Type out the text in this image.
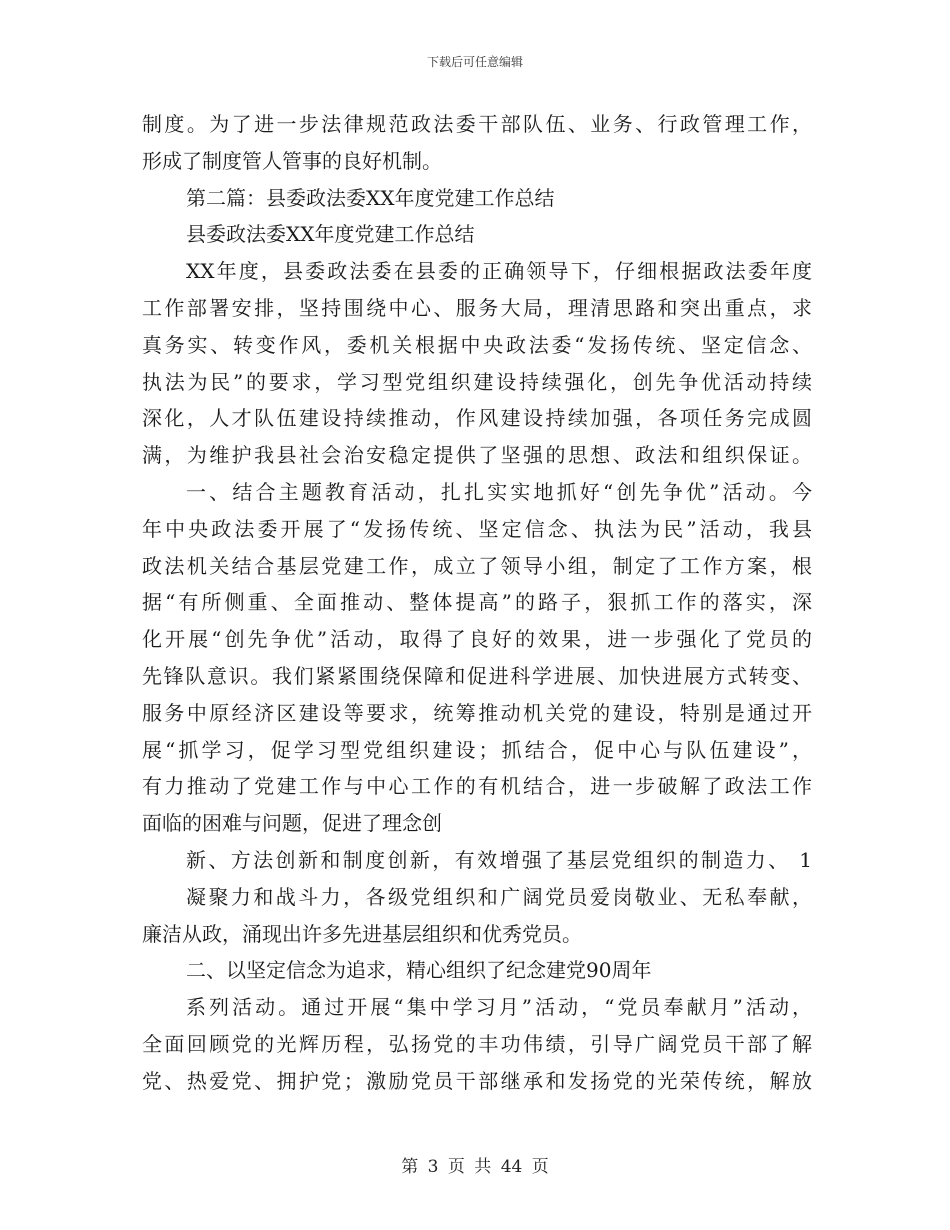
下载后可任意编辑
制度。为了进一步法律规范政法委干部队伍、业务、行政管理工作，
形成了制度管人管事的良好机制。
第二篇：县委政法委XX年度党建工作总结
县委政法委XX年度党建工作总结
XX年度，县委政法委在县委的正确领导下，仔细根据政法委年度
工作部署安排，坚持围绕中心、服务大局，理清思路和突出重点，求
真务实、转变作风，委机关根据中央政法委“发扬传统、坚定信念、
执法为民”的要求，学习型党组织建设持续强化，创先争优活动持续
深化，人才队伍建设持续推动，作风建设持续加强，各项任务完成圆
满，为维护我县社会治安稳定提供了坚强的思想、政法和组织保证。
一、结合主题教育活动，扎扎实实地抓好“创先争优”活动。今
年中央政法委开展了“发扬传统、坚定信念、执法为民”活动，我县
政法机关结合基层党建工作，成立了领导小组，制定了工作方案，根
据“有所侧重、全面推动、整体提高”的路子，狠抓工作的落实，深
化开展“创先争优”活动，取得了良好的效果，进一步强化了党员的
先锋队意识。我们紧紧围绕保障和促进科学进展、加快进展方式转变、
服务中原经济区建设等要求，统筹推动机关党的建设，特别是通过开
展“抓学习，促学习型党组织建设；抓结合，促中心与队伍建设”，
有力推动了党建工作与中心工作的有机结合，进一步破解了政法工作
面临的困难与问题，促进了理念创
新、方法创新和制度创新，有效增强了基层党组织的制造力、 1
凝聚力和战斗力，各级党组织和广阔党员爱岗敬业、无私奉献，
廉洁从政，涌现出许多先进基层组织和优秀党员。
二、以坚定信念为追求，精心组织了纪念建党90周年
系列活动。通过开展“集中学习月”活动，“党员奉献月”活动，
全面回顾党的光辉历程，弘扬党的丰功伟绩，引导广阔党员干部了解
党、热爱党、拥护党；激励党员干部继承和发扬党的光荣传统，解放
第 3 页 共 44 页
